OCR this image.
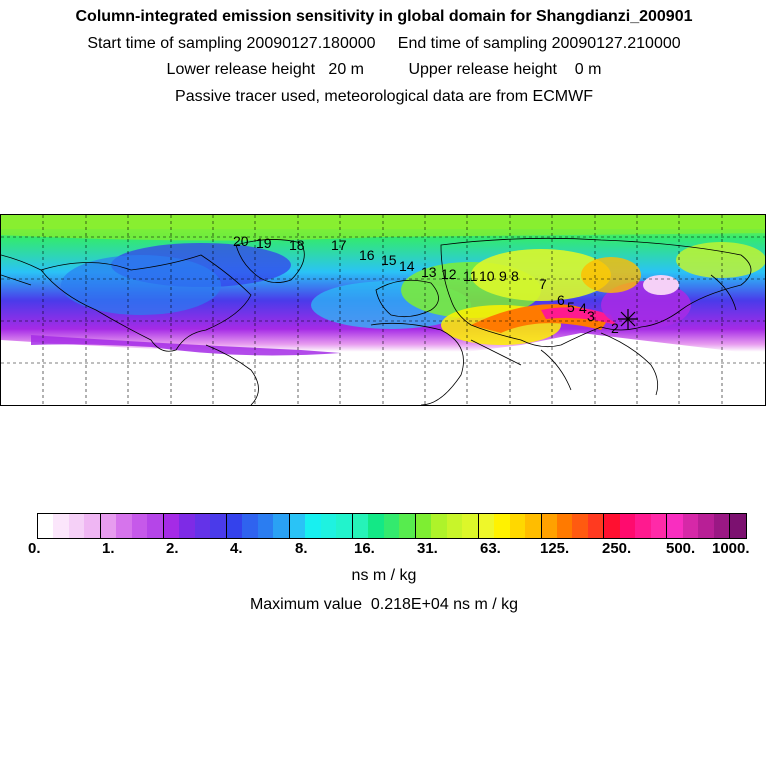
Column-integrated emission sensitivity in global domain for Shangdianzi_200901
Start time of sampling 20090127.180000     End time of sampling 20090127.210000
Lower release height   20 m          Upper release height    0 m
Passive tracer used, meteorological data are from ECMWF
20 19 18 17
16 15 14 13 12 11 10 9 8 7
6 5 4 3
2
0.	1.	2.	4.	8.	16.	31.	63.	125. 250. 500. 1000.
ns m / kg
Maximum value  0.218E+04 ns m / kg
